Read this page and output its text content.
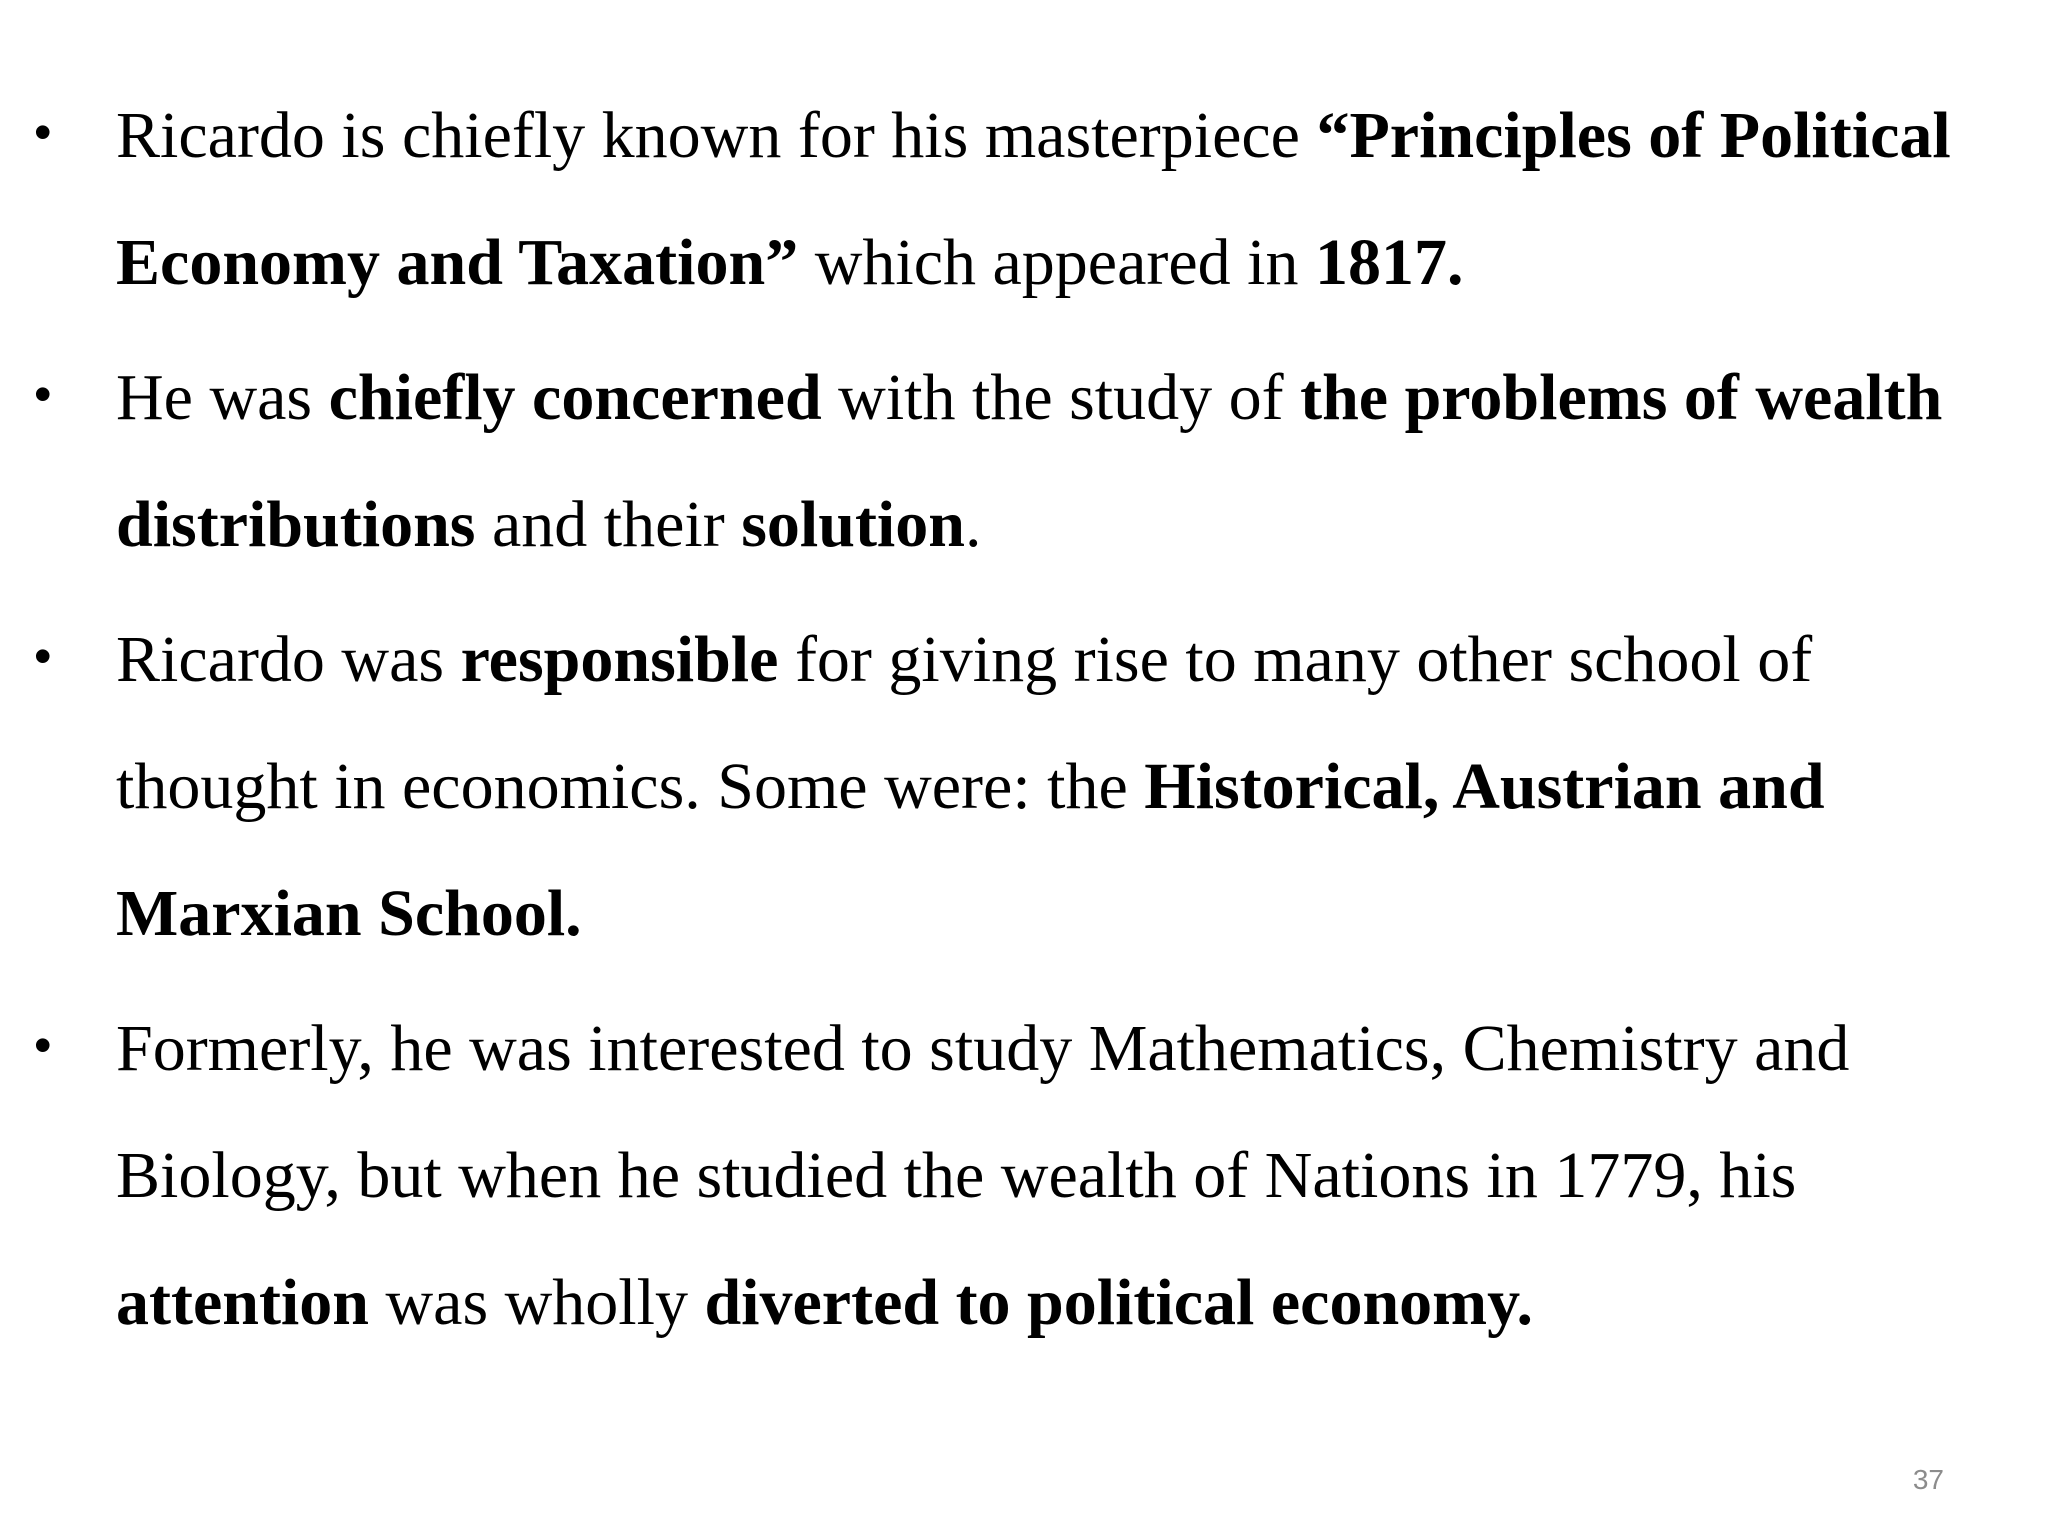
• Ricardo is chiefly known for his masterpiece “Principles of Political Economy and Taxation” which appeared in 1817.
• He was chiefly concerned with the study of the problems of wealth distributions and their solution.
• Ricardo was responsible for giving rise to many other school of thought in economics. Some were: the Historical, Austrian and Marxian School.
• Formerly, he was interested to study Mathematics, Chemistry and Biology, but when he studied the wealth of Nations in 1779, his attention was wholly diverted to political economy.
37
